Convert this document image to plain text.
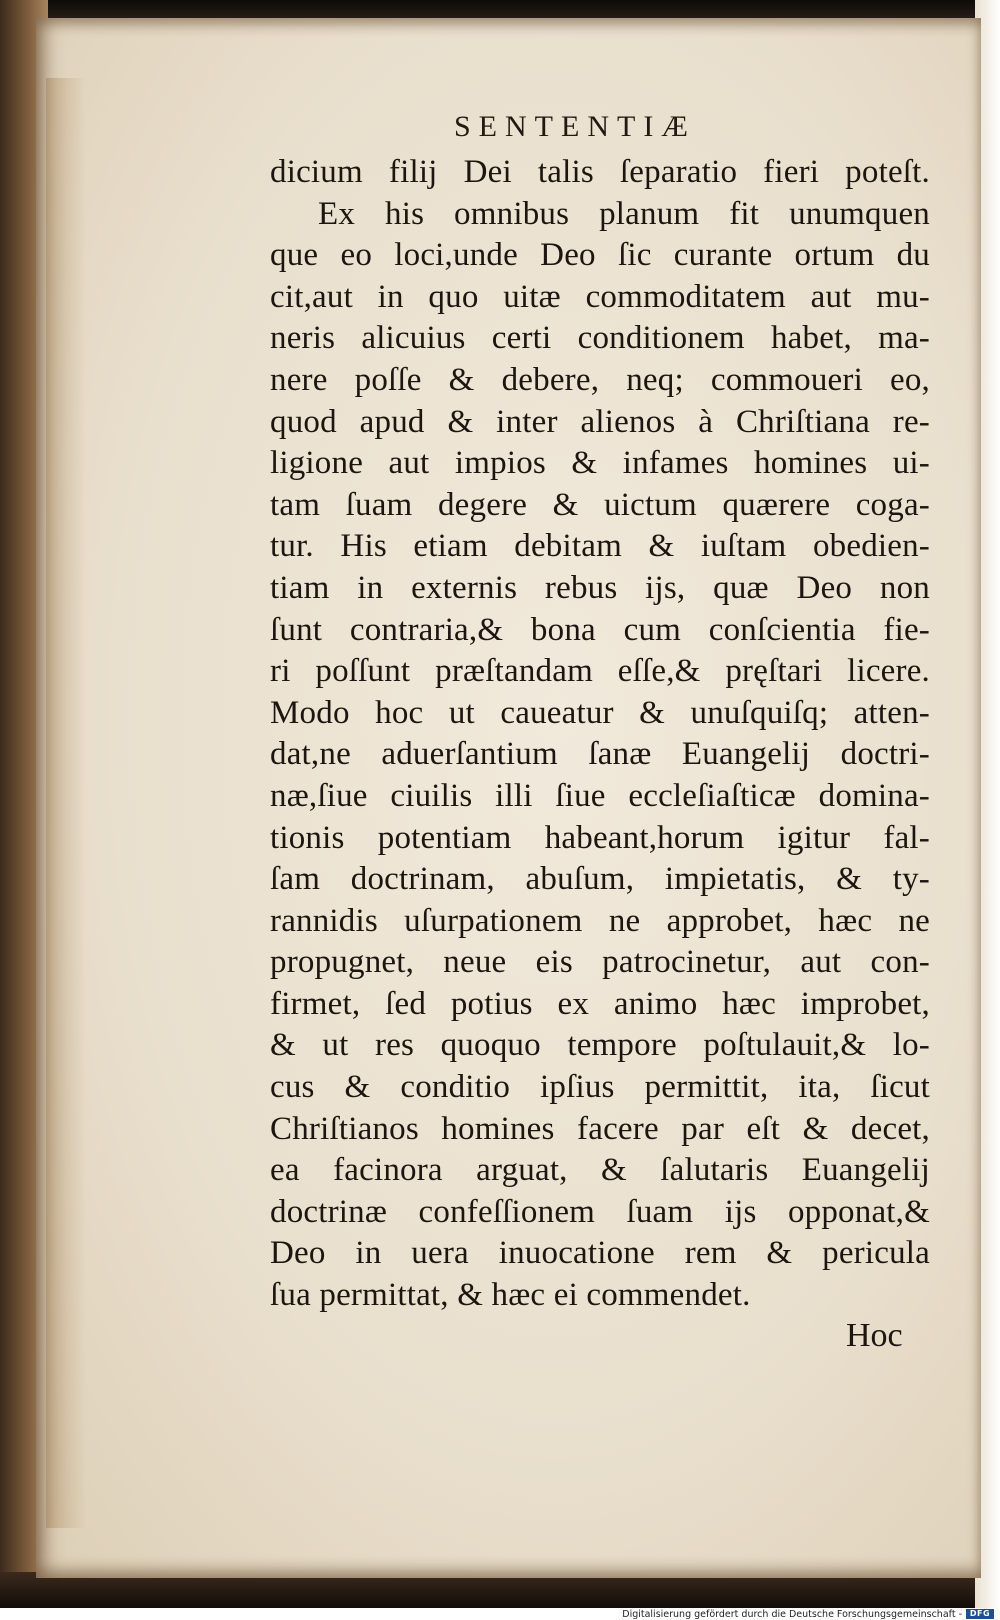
SENTENTIÆ
dicium filij Dei talis ſeparatio fieri poteſt.
Ex his omnibus planum fit unumquen
que eo loci,unde Deo ſic curante ortum du
cit,aut in quo uitæ commoditatem aut mu-
neris alicuius certi conditionem habet, ma-
nere poſſe & debere, neq; commoueri eo,
quod apud & inter alienos à Chriſtiana re-
ligione aut impios & infames homines ui-
tam ſuam degere & uictum quærere coga-
tur. His etiam debitam & iuſtam obedien-
tiam in externis rebus ijs, quæ Deo non
ſunt contraria,& bona cum conſcientia fie-
ri poſſunt præſtandam eſſe,& pręſtari licere.
Modo hoc ut caueatur & unuſquiſq; atten-
dat,ne aduerſantium ſanæ Euangelij doctri-
næ,ſiue ciuilis illi ſiue eccleſiaſticæ domina-
tionis potentiam habeant,horum igitur fal-
ſam doctrinam, abuſum, impietatis, & ty-
rannidis uſurpationem ne approbet, hæc ne
propugnet, neue eis patrocinetur, aut con-
firmet, ſed potius ex animo hæc improbet,
& ut res quoquo tempore poſtulauit,& lo-
cus & conditio ipſius permittit, ita, ſicut
Chriſtianos homines facere par eſt & decet,
ea facinora arguat, & ſalutaris Euangelij
doctrinæ confeſſionem ſuam ijs opponat,&
Deo in uera inuocatione rem & pericula
ſua permittat, & hæc ei commendet.
Hoc
Digitalisierung gefördert durch die Deutsche Forschungsgemeinschaft - DFG
